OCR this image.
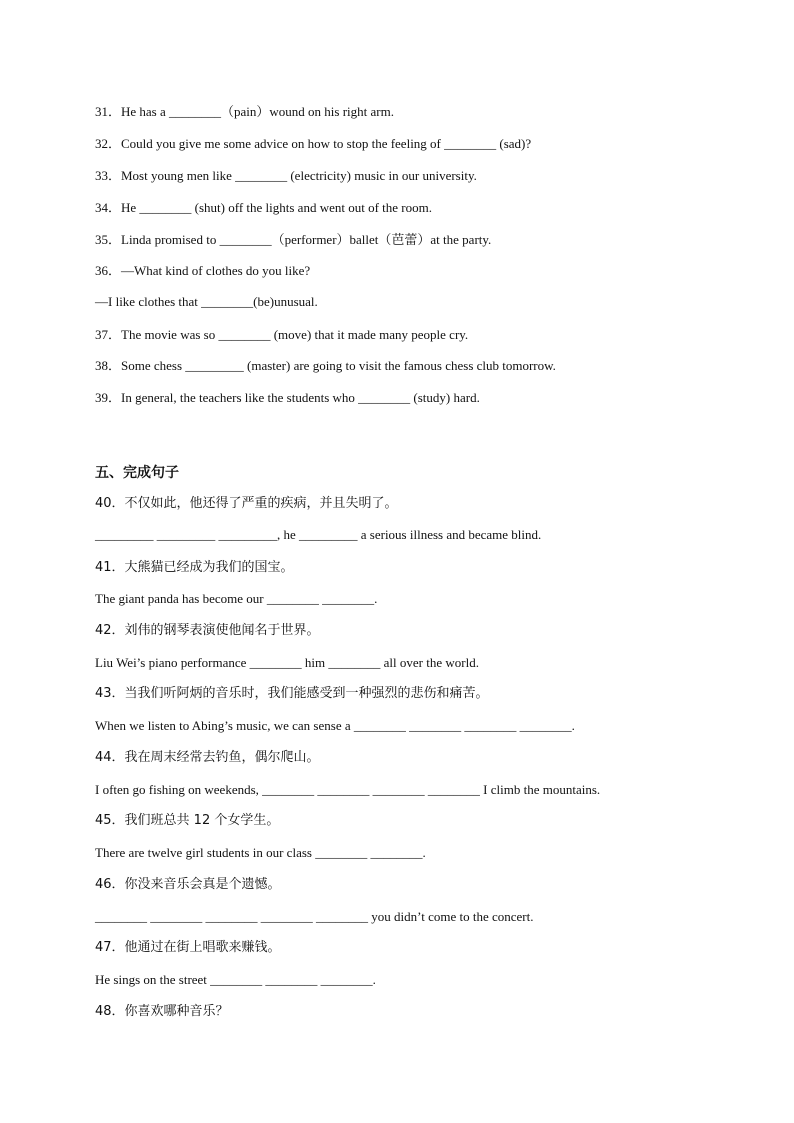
31．He has a ________（pain）wound on his right arm.
32．Could you give me some advice on how to stop the feeling of ________ (sad)?
33．Most young men like ________ (electricity) music in our university.
34．He ________ (shut) off the lights and went out of the room.
35．Linda promised to ________（performer）ballet（芭蕾）at the party.
36．—What kind of clothes do you like?
—I like clothes that ________(be)unusual.
37．The movie was so ________ (move) that it made many people cry.
38．Some chess _________ (master) are going to visit the famous chess club tomorrow.
39．In general, the teachers like the students who ________ (study) hard.
五、完成句子
40．不仅如此，他还得了严重的疾病，并且失明了。
_________ _________ _________, he _________ a serious illness and became blind.
41．大熊猫已经成为我们的国宝。
The giant panda has become our ________ ________.
42．刘伟的钢琴表演使他闻名于世界。
Liu Wei’s piano performance ________ him ________ all over the world.
43．当我们听阿炳的音乐时，我们能感受到一种强烈的悲伤和痛苦。
When we listen to Abing’s music, we can sense a ________ ________ ________ ________.
44．我在周末经常去钓鱼，偶尔爬山。
I often go fishing on weekends, ________ ________ ________ ________ I climb the mountains.
45．我们班总共 12 个女学生。
There are twelve girl students in our class ________ ________.
46．你没来音乐会真是个遗憾。
________ ________ ________ ________ ________ you didn’t come to the concert.
47．他通过在街上唱歌来赚钱。
He sings on the street ________ ________ ________.
48．你喜欢哪种音乐？
